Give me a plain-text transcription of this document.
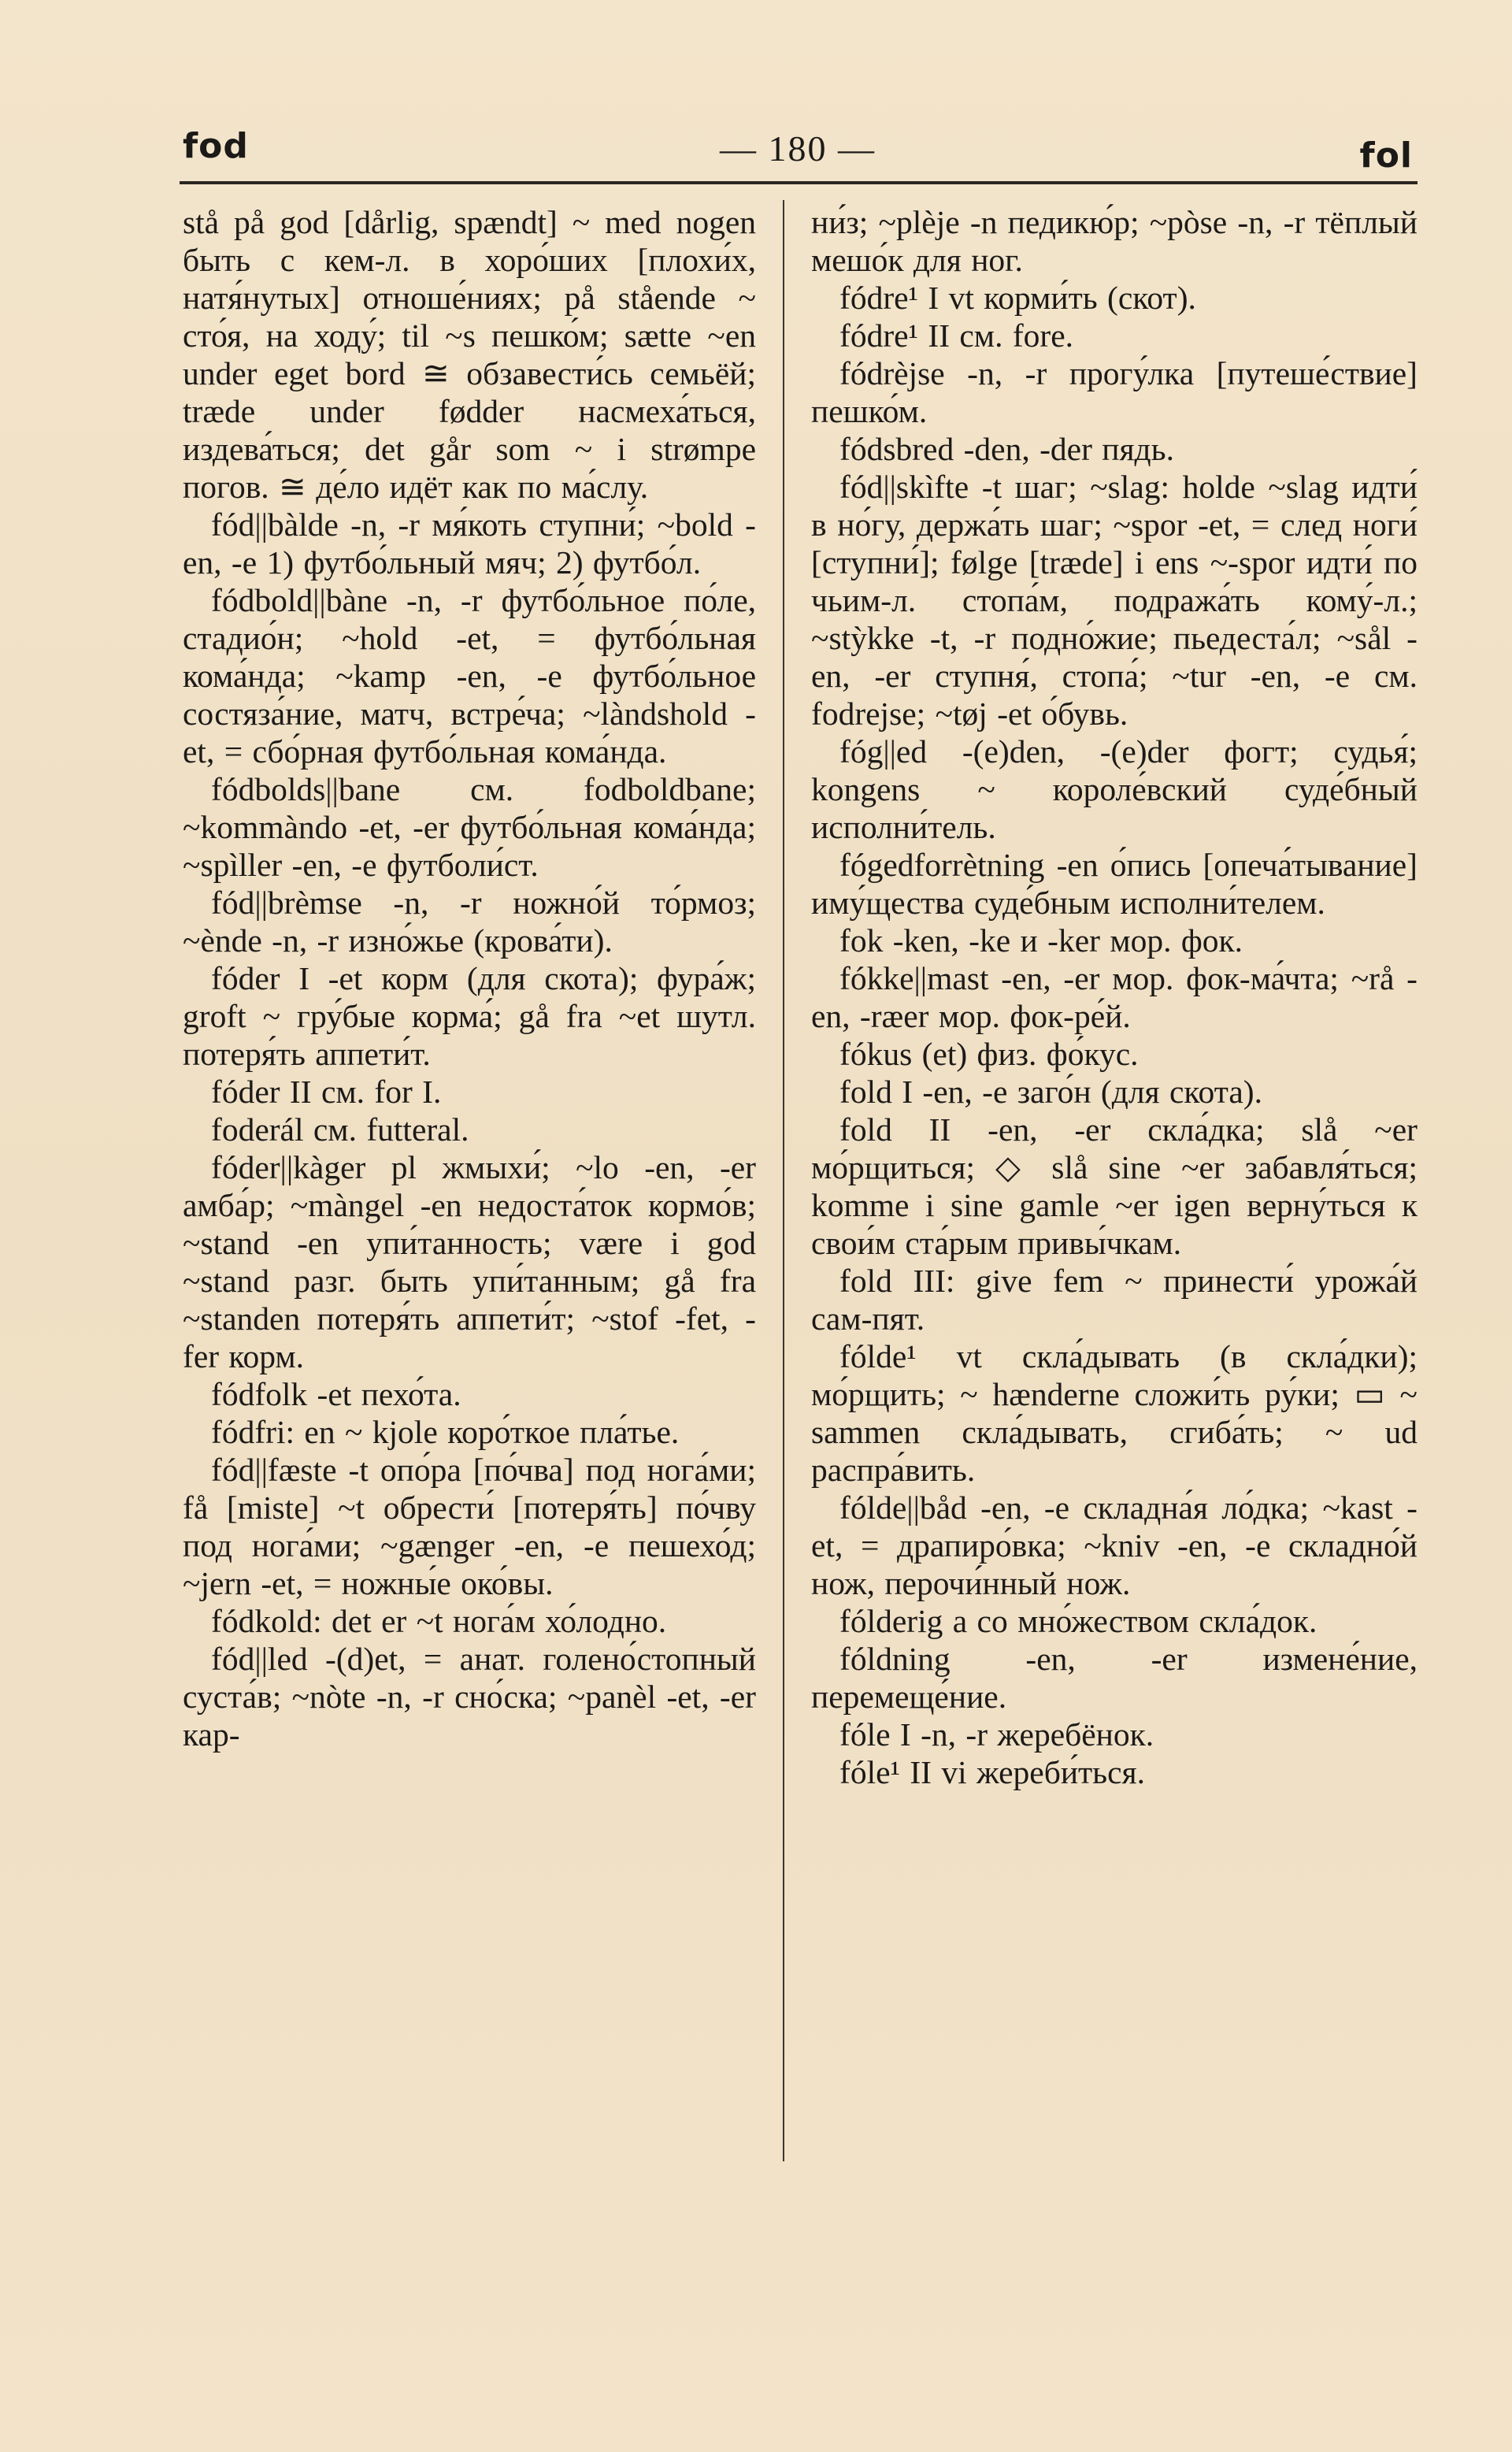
fod	— 180 —	fol

stå på god [dårlig, spændt] ~ med nogen быть с кем-л. в хоро́ших [плохи́х, натя́нутых] отноше́ниях; på stående ~ сто́я, на ходу́; til ~s пешко́м; sætte ~en under eget bord ≅ обзавести́сь семьёй; træde under fødder насмеха́ться, издева́ться; det går som ~ i strømpe погов. ≅ де́ло идёт как по ма́слу.

fód||bàlde -n, -r мя́коть ступни́; ~bold -en, -e 1) футбо́льный мяч; 2) футбо́л.

fódbold||bàne -n, -r футбо́льное по́ле, стадио́н; ~hold -et, = футбо́льная кома́нда; ~kamp -en, -e футбо́льное состяза́ние, матч, встре́ча; ~làndshold -et, = сбо́рная футбо́льная кома́нда.

fódbolds||bane см. fodboldbane; ~kommàndo -et, -er футбо́льная кома́нда; ~spìller -en, -e футболи́ст.

fód||brèmse -n, -r ножно́й то́рмоз; ~ènde -n, -r изно́жье (крова́ти).

fóder I -et корм (для скота); фура́ж; groft ~ гру́бые корма́; gå fra ~et шутл. потеря́ть аппети́т.

fóder II см. for I.

foderál см. futteral.

fóder||kàger pl жмыхи́; ~lo -en, -er амба́р; ~màngel -en недоста́ток кормо́в; ~stand -en упи́танность; være i god ~stand разг. быть упи́танным; gå fra ~standen потеря́ть аппети́т; ~stof -fet, -fer корм.

fódfolk -et пехо́та.

fódfri: en ~ kjole коро́ткое пла́тье.

fód||fæste -t опо́ра [по́чва] под нога́ми; få [miste] ~t обрести́ [потеря́ть] по́чву под нога́ми; ~gænger -en, -e пешехо́д; ~jern -et, = ножны́е око́вы.

fódkold: det er ~t нога́м хо́лодно.

fód||led -(d)et, = анат. голено́стопный суста́в; ~nòte -n, -r сно́ска; ~panèl -et, -er кар-

ни́з; ~plèje -n педикю́р; ~pòse -n, -r тёплый мешо́к для ног.

fódre¹ I vt корми́ть (скот).

fódre¹ II см. fore.

fódrèjse -n, -r прогу́лка [путеше́ствие] пешко́м.

fódsbred -den, -der пядь.

fód||skìfte -t шаг; ~slag: holde ~slag идти́ в но́гу, держа́ть шаг; ~spor -et, = след ноги́ [ступни́]; følge [træde] i ens ~-spor идти́ по чьим-л. стопа́м, подража́ть кому́-л.; ~stỳkke -t, -r подно́жие; пьедеста́л; ~sål -en, -er ступня́, стопа́; ~tur -en, -e см. fodrejse; ~tøj -et о́бувь.

fóg||ed -(e)den, -(e)der фогт; судья́; kongens ~ короле́вский суде́бный исполни́тель.

fógedforrètning -en о́пись [опеча́тывание] иму́щества суде́бным исполни́телем.

fok -ken, -ke и -ker мор. фок.

fókke||mast -en, -er мор. фок-ма́чта; ~rå -en, -ræer мор. фок-ре́й.

fókus (et) физ. фо́кус.

fold I -en, -e заго́н (для скота).

fold II -en, -er скла́дка; slå ~er мо́рщиться; ◇ slå sine ~er забавля́ться; komme i sine gamle ~er igen верну́ться к свои́м ста́рым привы́чкам.

fold III: give fem ~ принести́ урожа́й сам-пят.

fólde¹ vt скла́дывать (в скла́дки); мо́рщить; ~ hænderne сложи́ть ру́ки; ▭ ~ sammen скла́дывать, сгиба́ть; ~ ud распра́вить.

fólde||båd -en, -e складна́я ло́дка; ~kast -et, = драпиро́вка; ~kniv -en, -e складно́й нож, перочи́нный нож.

fólderig a со мно́жеством скла́док.

fóldning -en, -er измене́ние, перемеще́ние.

fóle I -n, -r жеребёнок.

fóle¹ II vi жереби́ться.
